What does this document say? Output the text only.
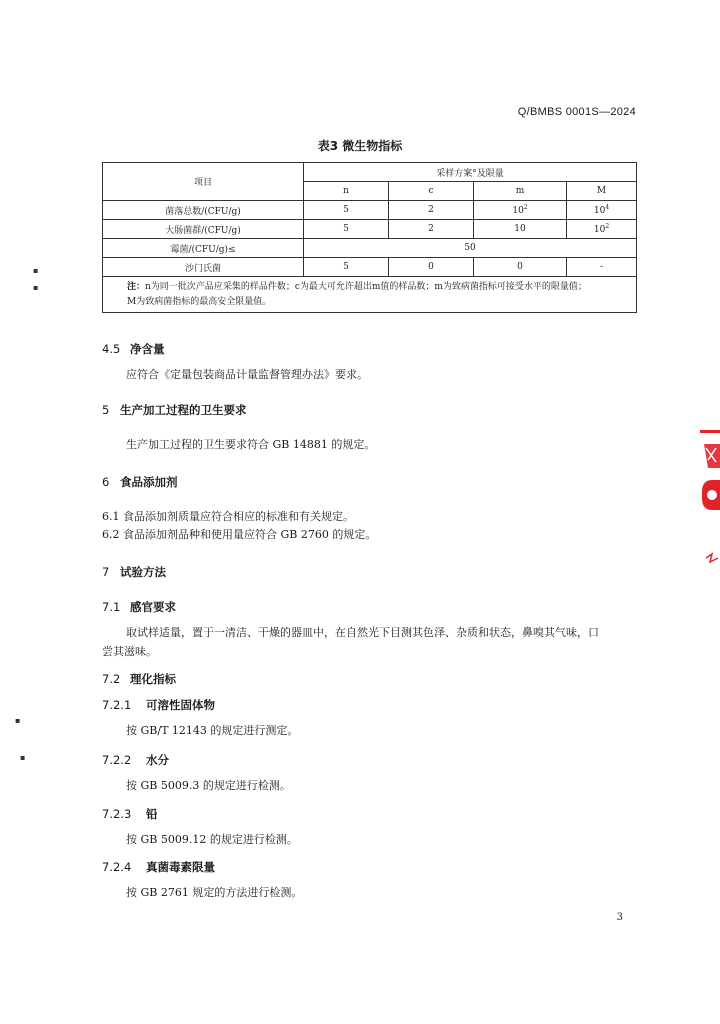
Q/BMBS 0001S—2024
表3 微生物指标
项目	采样方案°及限量			
	n	c	m	M
菌落总数/(CFU/g)	5	2	$10^2$	$10^4$
大肠菌群/(CFU/g)	5	2	10	$10^2$
霉菌/(CFU/g)≤	50			
沙门氏菌	5	0	0	-
注：n为同一批次产品应采集的样品件数；c为最大可允许超出m值的样品数；m为致病菌指标可接受水平的限量值；
M为致病菌指标的最高安全限量值。				
4.5 净含量
应符合《定量包装商品计量监督管理办法》要求。
5 生产加工过程的卫生要求
生产加工过程的卫生要求符合 GB 14881 的规定。
6 食品添加剂
6.1 食品添加剂质量应符合相应的标准和有关规定。
6.2 食品添加剂品种和使用量应符合 GB 2760 的规定。
7 试验方法
7.1 感官要求
取试样适量，置于一清洁、干燥的器皿中，在自然光下目测其色泽、杂质和状态，鼻嗅其气味，口
尝其滋味。
7.2 理化指标
7.2.1 可溶性固体物
按 GB/T 12143 的规定进行测定。
7.2.2 水分
按 GB 5009.3 的规定进行检测。
7.2.3 铅
按 GB 5009.12 的规定进行检测。
7.2.4 真菌毒素限量
按 GB 2761 规定的方法进行检测。
3
▪
▪
▪
▪
